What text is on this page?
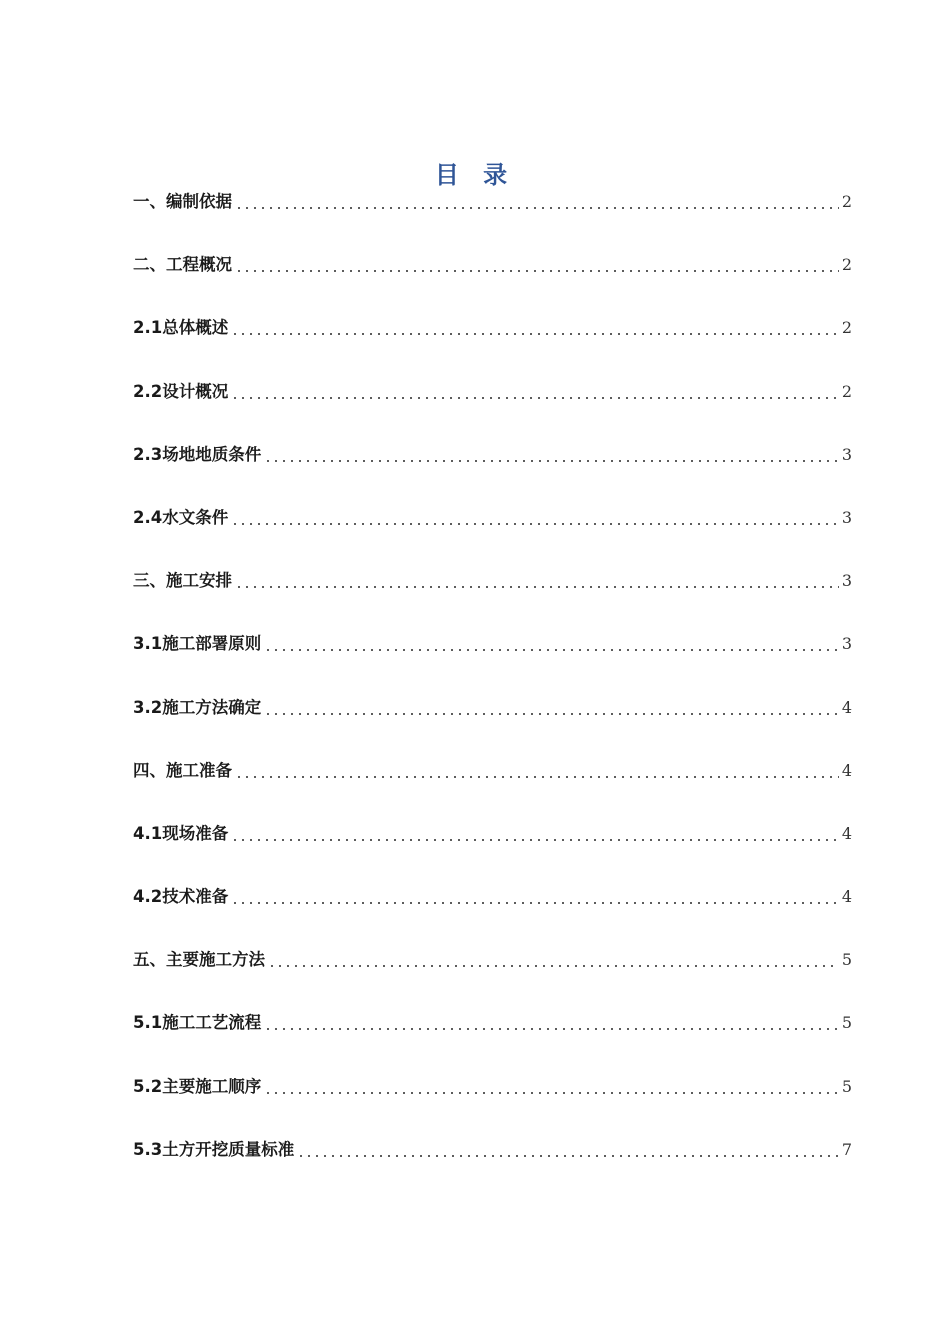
目 录
一、编制依据	2
二、工程概况	2
2.1总体概述	2
2.2设计概况	2
2.3场地地质条件	3
2.4水文条件	3
三、施工安排	3
3.1施工部署原则	3
3.2施工方法确定	4
四、施工准备	4
4.1现场准备	4
4.2技术准备	4
五、主要施工方法	5
5.1施工工艺流程	5
5.2主要施工顺序	5
5.3土方开挖质量标准	7
